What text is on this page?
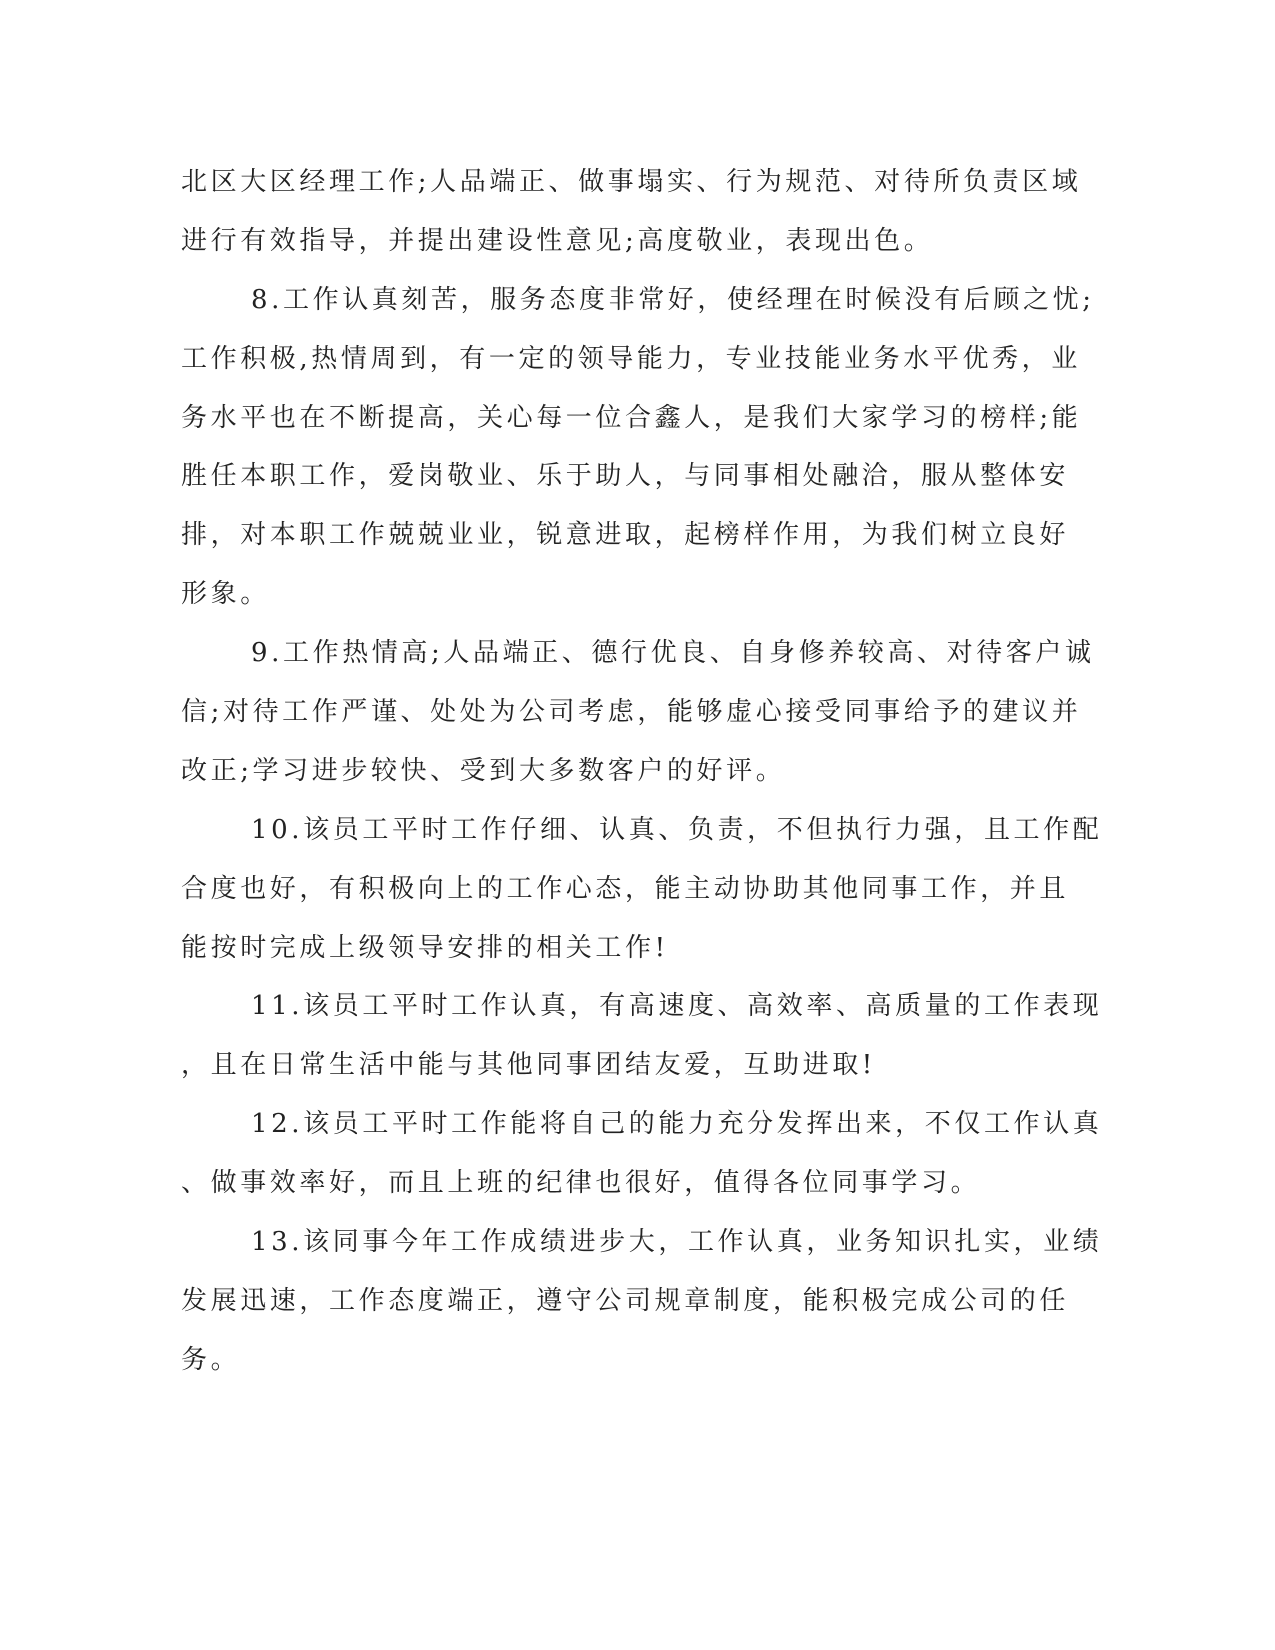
北区大区经理工作;人品端正、做事塌实、行为规范、对待所负责区域
进行有效指导，并提出建设性意见;高度敬业，表现出色。
8.工作认真刻苦，服务态度非常好，使经理在时候没有后顾之忧;
工作积极,热情周到，有一定的领导能力，专业技能业务水平优秀，业
务水平也在不断提高，关心每一位合鑫人，是我们大家学习的榜样;能
胜任本职工作，爱岗敬业、乐于助人，与同事相处融洽，服从整体安
排，对本职工作兢兢业业，锐意进取，起榜样作用，为我们树立良好
形象。
9.工作热情高;人品端正、德行优良、自身修养较高、对待客户诚
信;对待工作严谨、处处为公司考虑，能够虚心接受同事给予的建议并
改正;学习进步较快、受到大多数客户的好评。
10.该员工平时工作仔细、认真、负责，不但执行力强，且工作配
合度也好，有积极向上的工作心态，能主动协助其他同事工作，并且
能按时完成上级领导安排的相关工作!
11.该员工平时工作认真，有高速度、高效率、高质量的工作表现
，且在日常生活中能与其他同事团结友爱，互助进取!
12.该员工平时工作能将自己的能力充分发挥出来，不仅工作认真
、做事效率好，而且上班的纪律也很好，值得各位同事学习。
13.该同事今年工作成绩进步大，工作认真，业务知识扎实，业绩
发展迅速，工作态度端正，遵守公司规章制度，能积极完成公司的任
务。
